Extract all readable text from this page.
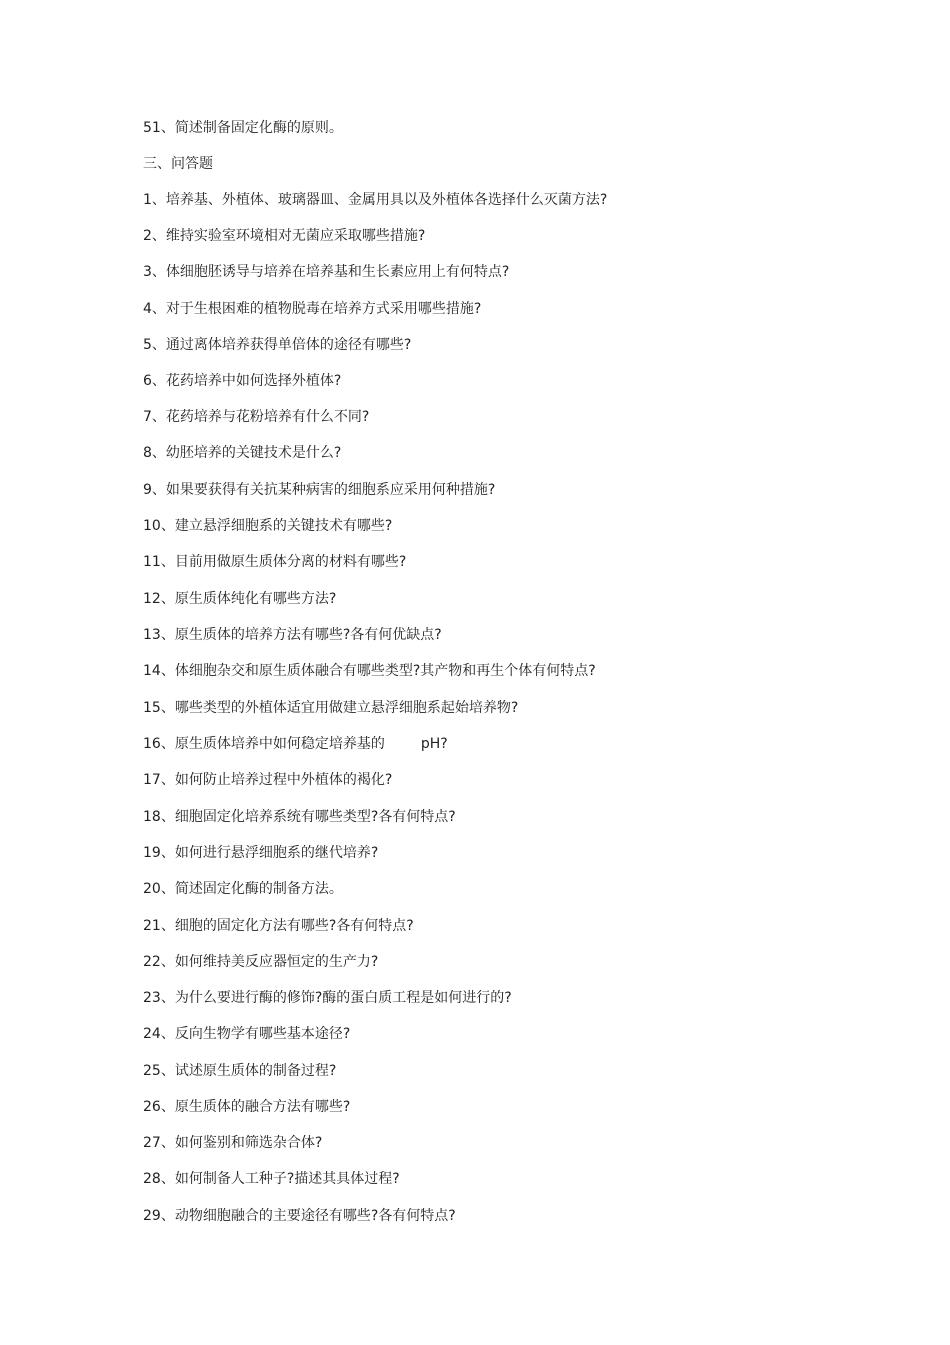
51、简述制备固定化酶的原则。
三、问答题
1、培养基、外植体、玻璃器皿、金属用具以及外植体各选择什么灭菌方法?
2、维持实验室环境相对无菌应采取哪些措施?
3、体细胞胚诱导与培养在培养基和生长素应用上有何特点?
4、对于生根困难的植物脱毒在培养方式采用哪些措施?
5、通过离体培养获得单倍体的途径有哪些?
6、花药培养中如何选择外植体?
7、花药培养与花粉培养有什么不同?
8、幼胚培养的关键技术是什么?
9、如果要获得有关抗某种病害的细胞系应采用何种措施?
10、建立悬浮细胞系的关键技术有哪些?
11、目前用做原生质体分离的材料有哪些?
12、原生质体纯化有哪些方法?
13、原生质体的培养方法有哪些?各有何优缺点?
14、体细胞杂交和原生质体融合有哪些类型?其产物和再生个体有何特点?
15、哪些类型的外植体适宜用做建立悬浮细胞系起始培养物?
16、原生质体培养中如何稳定培养基的	pH?
17、如何防止培养过程中外植体的褐化?
18、细胞固定化培养系统有哪些类型?各有何特点?
19、如何进行悬浮细胞系的继代培养?
20、简述固定化酶的制备方法。
21、细胞的固定化方法有哪些?各有何特点?
22、如何维持美反应器恒定的生产力?
23、为什么要进行酶的修饰?酶的蛋白质工程是如何进行的?
24、反向生物学有哪些基本途径?
25、试述原生质体的制备过程?
26、原生质体的融合方法有哪些?
27、如何鉴别和筛选杂合体?
28、如何制备人工种子?描述其具体过程?
29、动物细胞融合的主要途径有哪些?各有何特点?
